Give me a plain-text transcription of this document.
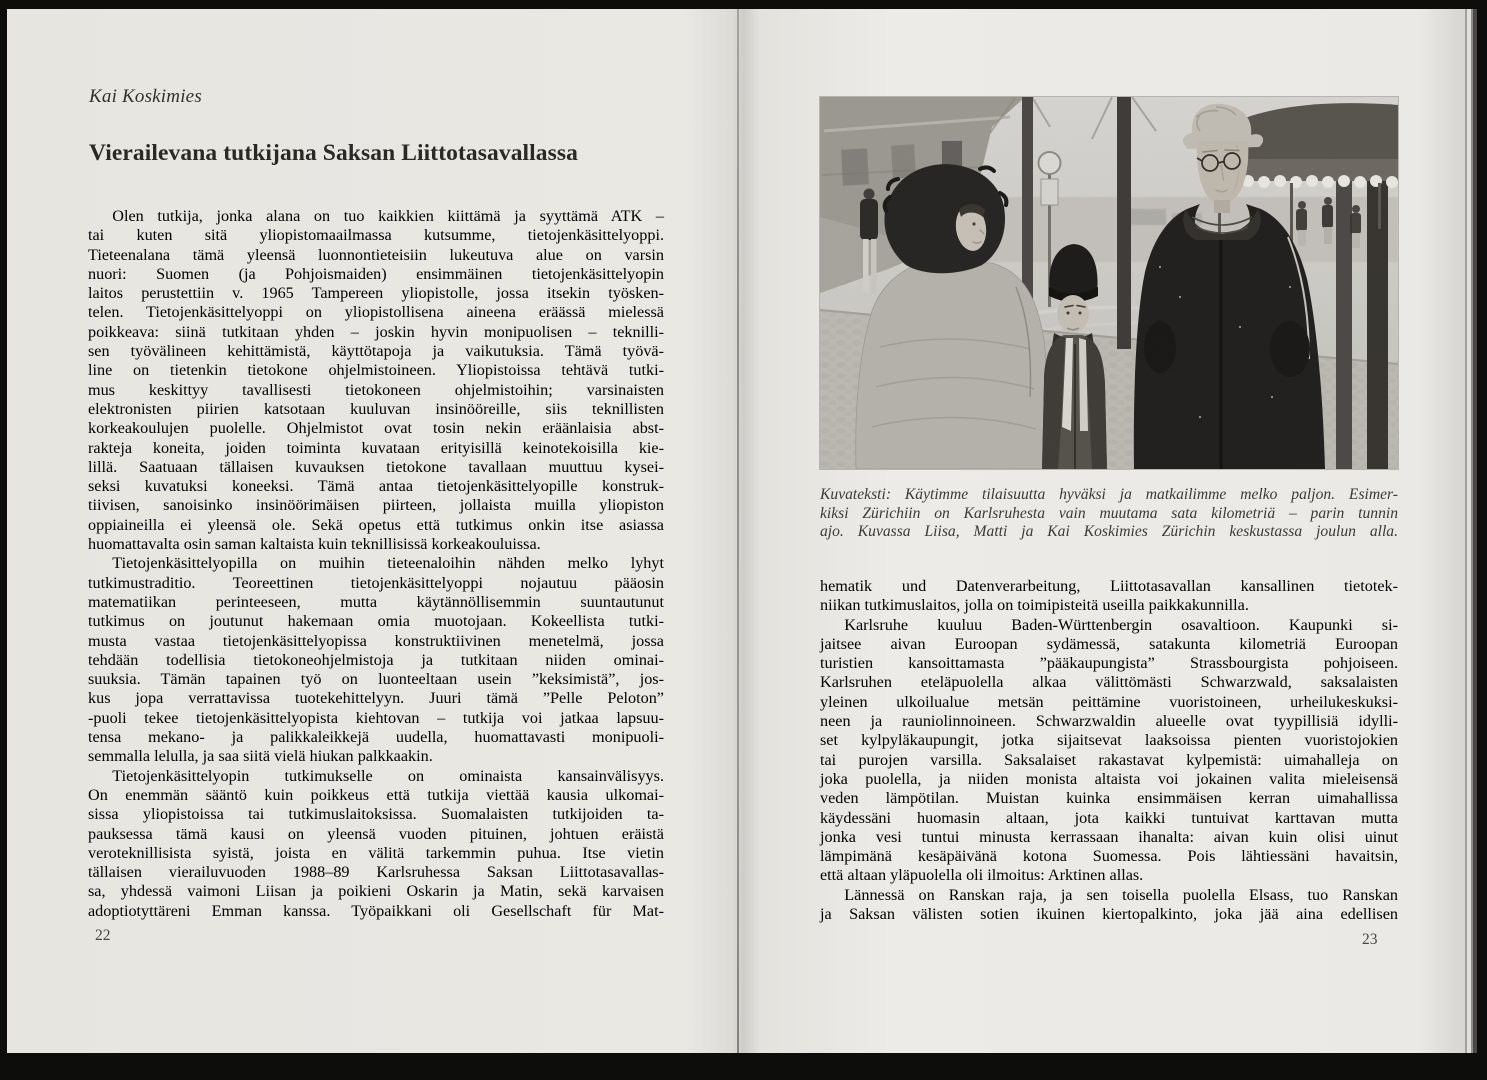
Kai Koskimies
Vierailevana tutkijana Saksan Liittotasavallassa
Olen tutkija, jonka alana on tuo kaikkien kiittämä ja syyttämä ATK –
tai kuten sitä yliopistomaailmassa kutsumme, tietojenkäsittelyoppi.
Tieteenalana tämä yleensä luonnontieteisiin lukeutuva alue on varsin
nuori: Suomen (ja Pohjoismaiden) ensimmäinen tietojenkäsittelyopin
laitos perustettiin v. 1965 Tampereen yliopistolle, jossa itsekin työsken-
telen. Tietojenkäsittelyoppi on yliopistollisena aineena eräässä mielessä
poikkeava: siinä tutkitaan yhden – joskin hyvin monipuolisen – teknilli-
sen työvälineen kehittämistä, käyttötapoja ja vaikutuksia. Tämä työvä-
line on tietenkin tietokone ohjelmistoineen. Yliopistoissa tehtävä tutki-
mus keskittyy tavallisesti tietokoneen ohjelmistoihin; varsinaisten
elektronisten piirien katsotaan kuuluvan insinööreille, siis teknillisten
korkeakoulujen puolelle. Ohjelmistot ovat tosin nekin eräänlaisia abst-
rakteja koneita, joiden toiminta kuvataan erityisillä keinotekoisilla kie-
lillä. Saatuaan tällaisen kuvauksen tietokone tavallaan muuttuu kysei-
seksi kuvatuksi koneeksi. Tämä antaa tietojenkäsittelyopille konstruk-
tiivisen, sanoisinko insinöörimäisen piirteen, jollaista muilla yliopiston
oppiaineilla ei yleensä ole. Sekä opetus että tutkimus onkin itse asiassa
huomattavalta osin saman kaltaista kuin teknillisissä korkeakouluissa.
Tietojenkäsittelyopilla on muihin tieteenaloihin nähden melko lyhyt
tutkimustraditio. Teoreettinen tietojenkäsittelyoppi nojautuu pääosin
matematiikan perinteeseen, mutta käytännöllisemmin suuntautunut
tutkimus on joutunut hakemaan omia muotojaan. Kokeellista tutki-
musta vastaa tietojenkäsittelyopissa konstruktiivinen menetelmä, jossa
tehdään todellisia tietokoneohjelmistoja ja tutkitaan niiden ominai-
suuksia. Tämän tapainen työ on luonteeltaan usein ”keksimistä”, jos-
kus jopa verrattavissa tuotekehittelyyn. Juuri tämä ”Pelle Peloton”
-puoli tekee tietojenkäsittelyopista kiehtovan – tutkija voi jatkaa lapsuu-
tensa mekano- ja palikkaleikkejä uudella, huomattavasti monipuoli-
semmalla lelulla, ja saa siitä vielä hiukan palkkaakin.
Tietojenkäsittelyopin tutkimukselle on ominaista kansainvälisyys.
On enemmän sääntö kuin poikkeus että tutkija viettää kausia ulkomai-
sissa yliopistoissa tai tutkimuslaitoksissa. Suomalaisten tutkijoiden ta-
pauksessa tämä kausi on yleensä vuoden pituinen, johtuen eräistä
veroteknillisista syistä, joista en välitä tarkemmin puhua. Itse vietin
tällaisen vierailuvuoden 1988–89 Karlsruhessa Saksan Liittotasavallas-
sa, yhdessä vaimoni Liisan ja poikieni Oskarin ja Matin, sekä karvaisen
adoptiotyttäreni Emman kanssa. Työpaikkani oli Gesellschaft für Mat-
22
Kuvateksti: Käytimme tilaisuutta hyväksi ja matkailimme melko paljon. Esimer-
kiksi Zürichiin on Karlsruhesta vain muutama sata kilometriä – parin tunnin
ajo. Kuvassa Liisa, Matti ja Kai Koskimies Zürichin keskustassa joulun alla.
hematik und Datenverarbeitung, Liittotasavallan kansallinen tietotek-
niikan tutkimuslaitos, jolla on toimipisteitä useilla paikkakunnilla.
Karlsruhe kuuluu Baden-Württenbergin osavaltioon. Kaupunki si-
jaitsee aivan Euroopan sydämessä, satakunta kilometriä Euroopan
turistien kansoittamasta ”pääkaupungista” Strassbourgista pohjoiseen.
Karlsruhen eteläpuolella alkaa välittömästi Schwarzwald, saksalaisten
yleinen ulkoilualue metsän peittämine vuoristoineen, urheilukeskuksi-
neen ja rauniolinnoineen. Schwarzwaldin alueelle ovat tyypillisiä idylli-
set kylpyläkaupungit, jotka sijaitsevat laaksoissa pienten vuoristojokien
tai purojen varsilla. Saksalaiset rakastavat kylpemistä: uimahalleja on
joka puolella, ja niiden monista altaista voi jokainen valita mieleisensä
veden lämpötilan. Muistan kuinka ensimmäisen kerran uimahallissa
käydessäni huomasin altaan, jota kaikki tuntuivat karttavan mutta
jonka vesi tuntui minusta kerrassaan ihanalta: aivan kuin olisi uinut
lämpimänä kesäpäivänä kotona Suomessa. Pois lähtiessäni havaitsin,
että altaan yläpuolella oli ilmoitus: Arktinen allas.
Lännessä on Ranskan raja, ja sen toisella puolella Elsass, tuo Ranskan
ja Saksan välisten sotien ikuinen kiertopalkinto, joka jää aina edellisen
23
